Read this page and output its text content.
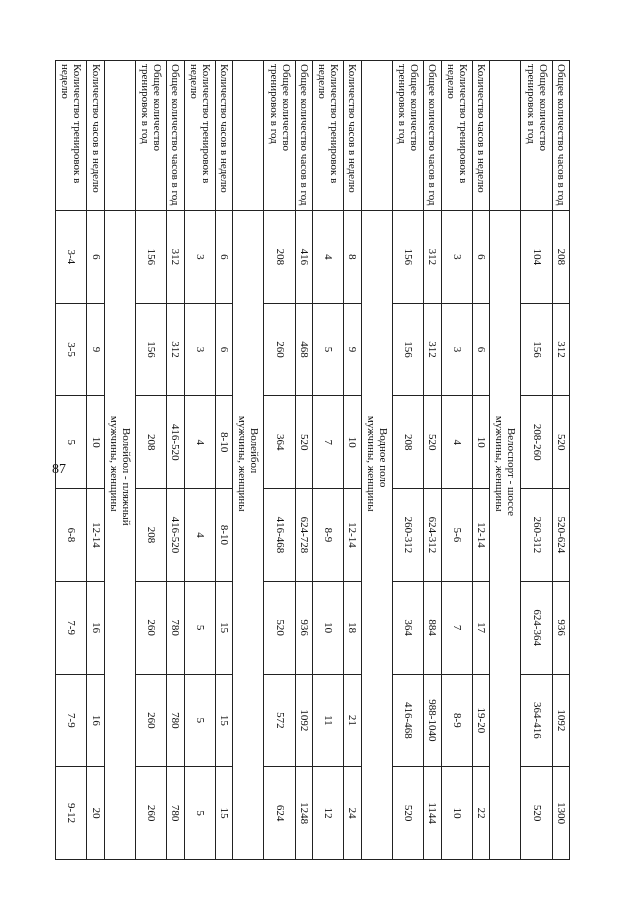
87
Общее количество часов в год	208	312	520	520-624	936	1092	1300
Общее количество тренировок в год	104	156	208-260	260-312	624-364	364-416	520

			Велоспорт - шоссе
мужчины, женщины				

Количество часов в неделю	6	6	10	12-14	17	19-20	22
Количество тренировок в неделю	3	3	4	5-6	7	8-9	10
Общее количество часов в год	312	312	520	624-312	884	988-1040	1144
Общее количество тренировок в год	156	156	208	260-312	364	416-468	520

			Водное поло
мужчины, женщины				

Количество часов в неделю	8	9	10	12-14	18	21	24
Количество тренировок в неделю	4	5	7	8-9	10	11	12
Общее количество часов в год	416	468	520	624-728	936	1092	1248
Общее количество тренировок в год	208	260	364	416-468	520	572	624

			Волейбол
мужчины, женщины				

Количество часов в неделю	6	6	8-10	8-10	15	15	15
Количество тренировок в неделю	3	3	4	4	5	5	5
Общее количество часов в год	312	312	416-520	416-520	780	780	780
Общее количество тренировок в год	156	156	208	208	260	260	260

			Волейбол - пляжный
мужчины, женщины				

Количество часов в неделю	6	9	10	12-14	16	16	20
Количество тренировок в неделю	3-4	3-5	5	6-8	7-9	7-9	9-12
